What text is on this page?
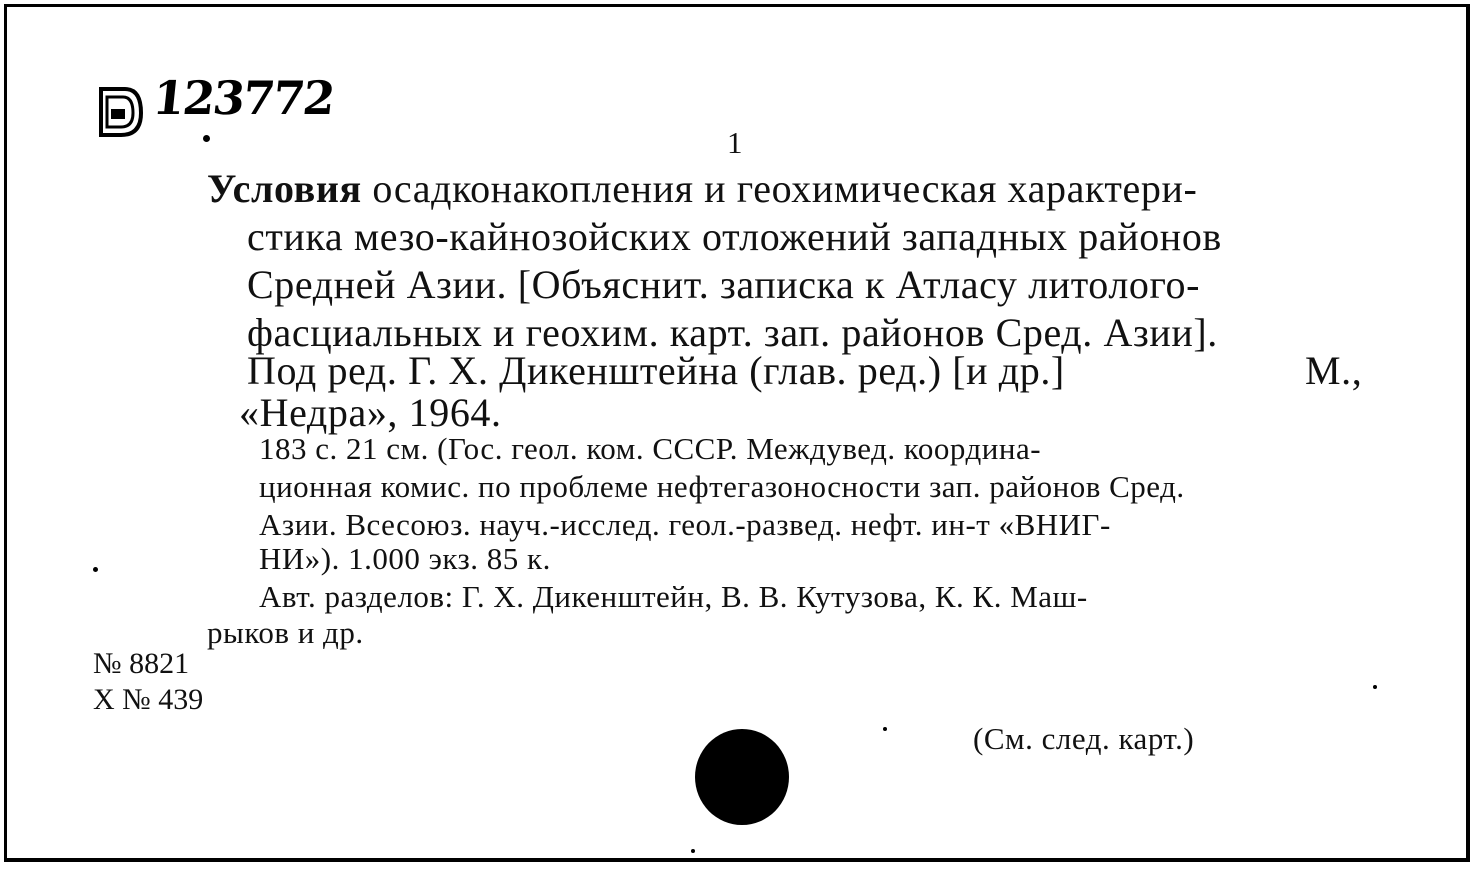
123772
1
Условия осадконакопления и геохимическая характери-
стика мезо-кайнозойских отложений западных районов
Средней Азии. [Объяснит. записка к Атласу литолого-
фасциальных и геохим. карт. зап. районов Сред. Азии].
Под ред. Г. Х. Дикенштейна (глав. ред.) [и др.]	М.,
«Недра», 1964.
183 с. 21 см. (Гос. геол. ком. СССР. Междувед. координа-
ционная комис. по проблеме нефтегазоносности зап. районов Сред.
Азии. Всесоюз. науч.-исслед. геол.-развед. нефт. ин-т «ВНИГ-
НИ»). 1.000 экз. 85 к.
Авт. разделов: Г. Х. Дикенштейн, В. В. Кутузова, К. К. Маш-
рыков и др.
№ 8821
Х № 439
(См. след. карт.)
